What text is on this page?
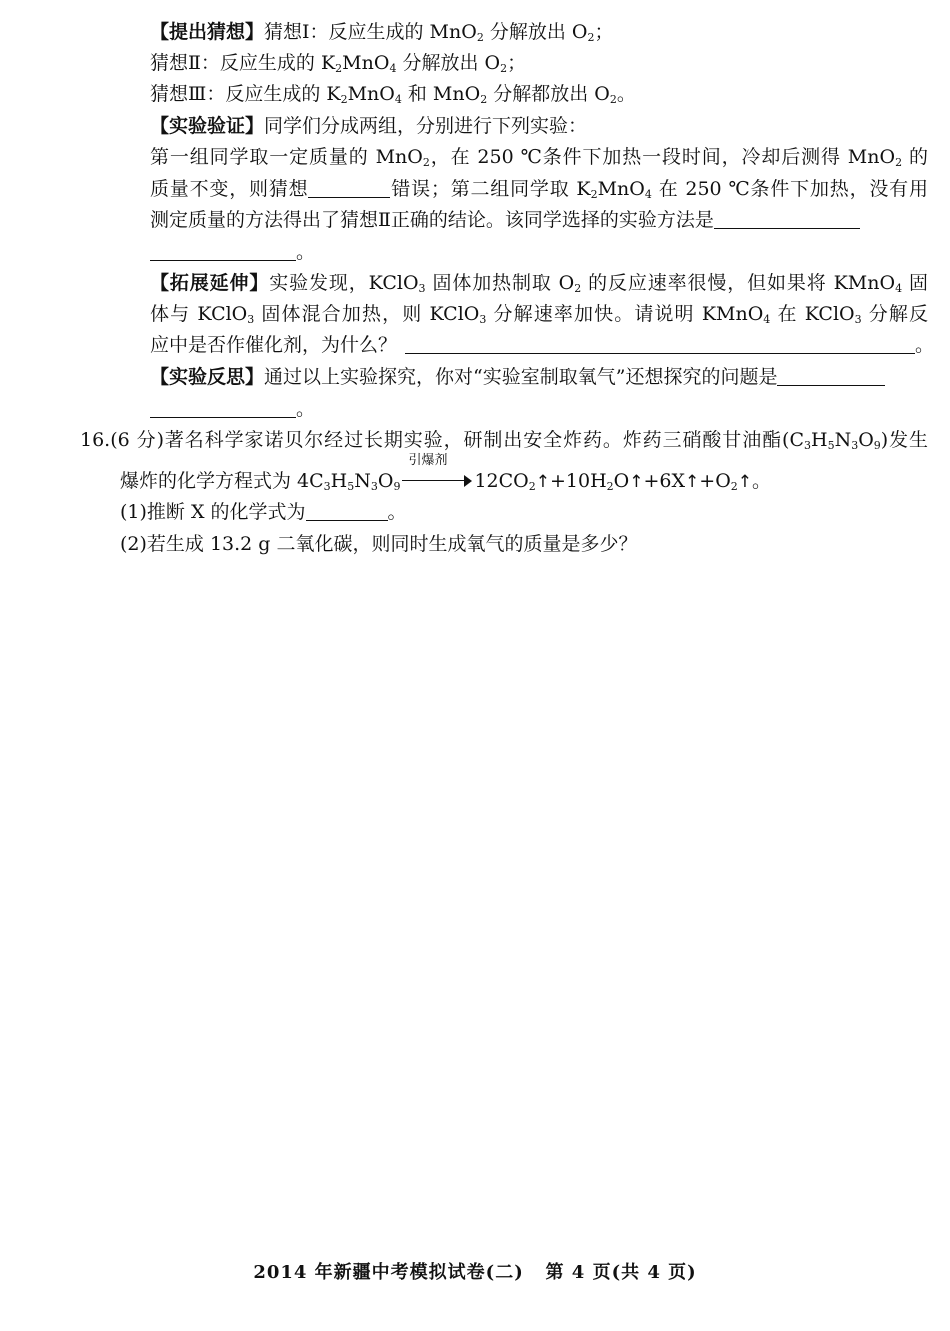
【提出猜想】猜想Ⅰ：反应生成的 MnO$_2$ 分解放出 $O_2$；
猜想Ⅱ：反应生成的 $K_2MnO_4$ 分解放出 $O_2$；
猜想Ⅲ：反应生成的 $K_2MnO_4$ 和 MnO$_2$ 分解都放出 $O_2$。
【实验验证】同学们分成两组，分别进行下列实验：
第一组同学取一定质量的 MnO$_2$，在 250 ℃条件下加热一段时间，冷却后测得 MnO$_2$ 的
质量不变，则猜想	错误；第二组同学取 $K_2MnO_4$ 在 250 ℃条件下加热，没有用
测定质量的方法得出了猜想Ⅱ正确的结论。该同学选择的实验方法是
。
【拓展延伸】实验发现，KClO$_3$ 固体加热制取 $O_2$ 的反应速率很慢，但如果将 KMnO$_4$ 固
体与 KClO$_3$ 固体混合加热，则 KClO$_3$ 分解速率加快。请说明 KMnO$_4$ 在 KClO$_3$ 分解反
应中是否作催化剂，为什么？	。
【实验反思】通过以上实验探究，你对“实验室制取氧气”还想探究的问题是
。
16.(6 分)著名科学家诺贝尔经过长期实验，研制出安全炸药。炸药三硝酸甘油酯$(C_3H_5N_3O_9)$发生
爆炸的化学方程式为 $4C_3H_5N_3O_9$
引爆剂
$12CO_2↑+10H_2O↑+6X↑+O_2↑$。
(1)推断 X 的化学式为	。
(2)若生成 13.2 g 二氧化碳，则同时生成氧气的质量是多少？
2014 年新疆中考模拟试卷(二) 第 4 页(共 4 页)
